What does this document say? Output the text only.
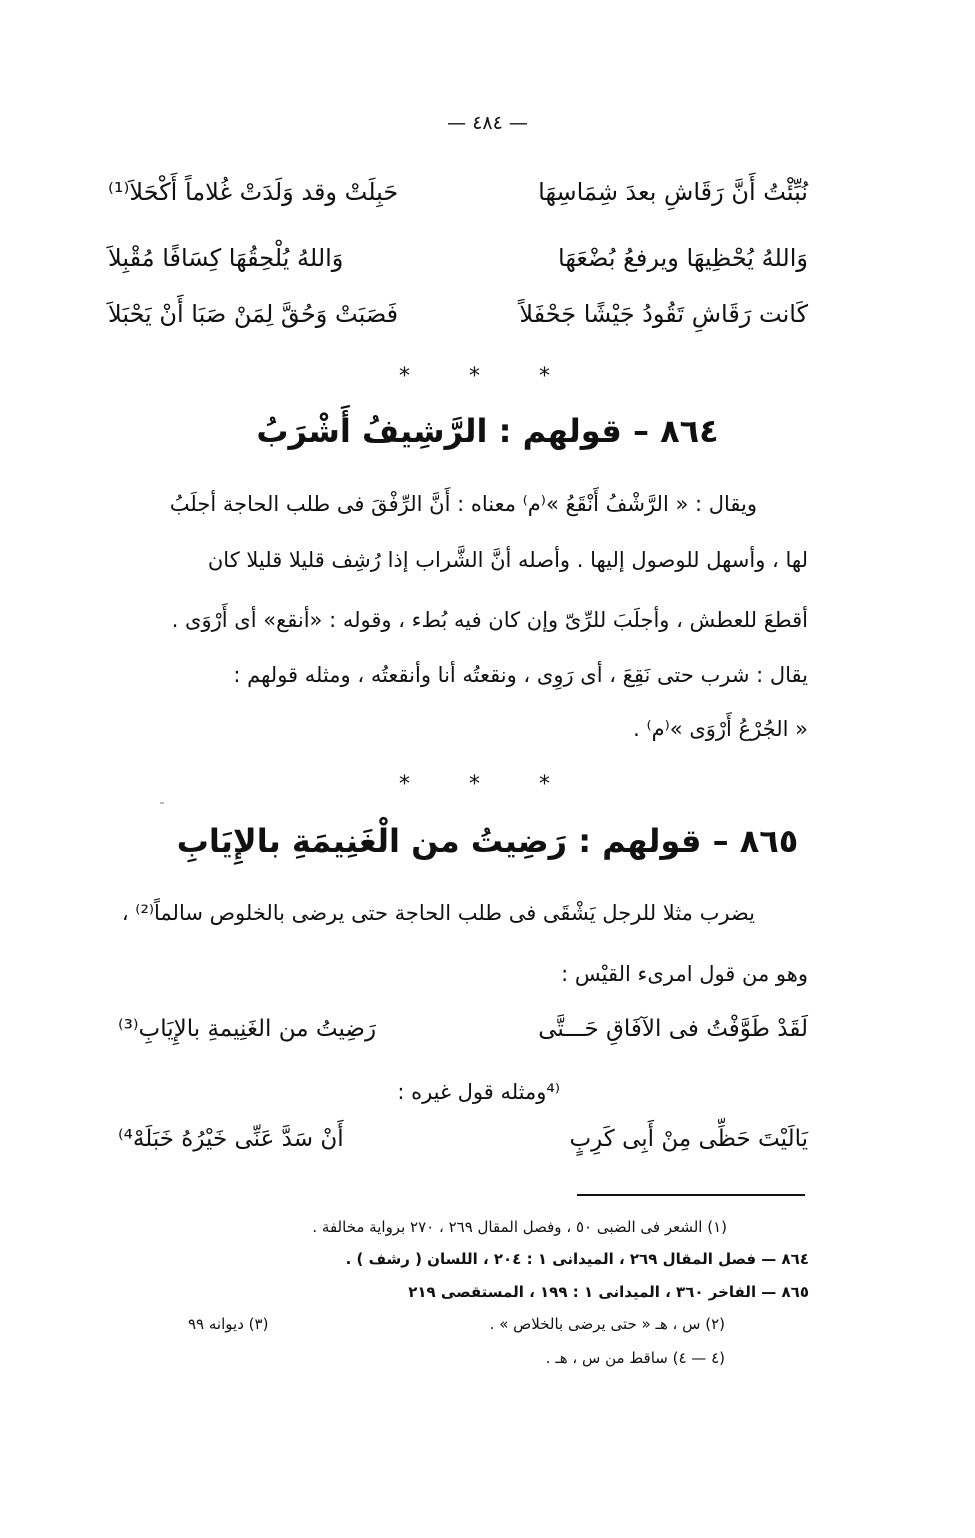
— ٤٨٤ —
نُبِّئْتُ أَنَّ رَقَاشِ بعدَ شِمَاسِهَا
حَبِلَتْ وقد وَلَدَتْ غُلاماً أَكْحَلاَ⁽¹⁾
وَاللهُ يُحْظِيهَا ويرفعُ بُضْعَهَا
وَاللهُ يُلْحِقُهَا كِسَافًا مُقْبِلاَ
كَانت رَقَاشِ تَقُودُ جَيْشًا جَحْفَلاً
فَصَبَتْ وَحُقَّ لِمَنْ صَبَا أَنْ يَحْبَلاَ
* * *
٨٦٤ – قولهم : الرَّشِيفُ أَشْرَبُ
ويقال : « الرَّشْفُ أَنْقَعُ »⁽م⁾ معناه : أَنَّ الرِّفْقَ فى طلب الحاجة أجلَبُ
لها ، وأسهل للوصول إليها . وأصله أنَّ الشَّراب إذا رُشِف قليلا قليلا كان
أقطعَ للعطش ، وأجلَبَ للرِّىّ وإن كان فيه بُطء ، وقوله : «أنقع» أى أَرْوَى .
يقال : شرب حتى نَقِعَ ، أى رَوِى ، ونقعتُه أنا وأنقعتُه ، ومثله قولهم :
« الجُرْعُ أَرْوَى »⁽م⁾ .
* * *
٨٦٥ – قولهم : رَضِيتُ من الْغَنِيمَةِ بالإِيَابِ
يضرب مثلا للرجل يَشْقَى فى طلب الحاجة حتى يرضى بالخلوص سالماً⁽²⁾ ،
وهو من قول امرىء القيْس :
لَقَدْ طَوَّفْتُ فى الآفَاقِ حَـــتَّى
رَضِيتُ من الغَنِيمةِ بالإِيَابِ⁽³⁾
⁽⁴ومثله قول غيره :
يَالَيْتَ حَظِّى مِنْ أَبِى كَرِبٍ
أَنْ سَدَّ عَنِّى خَيْرُهُ خَبَلَهْ⁴⁾
(١) الشعر فى الضبى ٥٠ ، وفصل المقال ٢٦٩ ، ٢٧٠ برواية مخالفة .
٨٦٤ — فصل المقال ٢٦٩ ، الميدانى ١ : ٢٠٤ ، اللسان ( رشف ) .
٨٦٥ — الفاخر ٣٦٠ ، الميدانى ١ : ١٩٩ ، المستقصى ٢١٩
(٢) س ، هـ « حتى يرضى بالخلاص » .
(٣) ديوانه ٩٩
(٤ — ٤) ساقط من س ، هـ .
